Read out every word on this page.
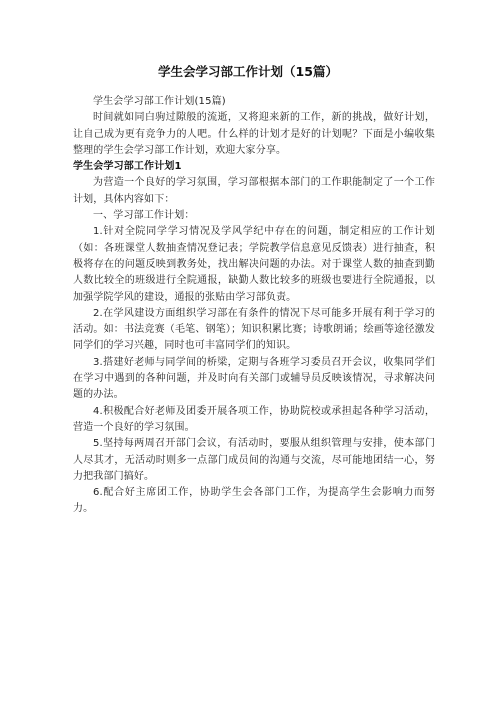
学生会学习部工作计划（15篇）

学生会学习部工作计划(15篇)

时间就如同白驹过隙般的流逝，又将迎来新的工作，新的挑战，做好计划，让自己成为更有竞争力的人吧。什么样的计划才是好的计划呢？下面是小编收集整理的学生会学习部工作计划，欢迎大家分享。

学生会学习部工作计划1

为营造一个良好的学习氛围，学习部根据本部门的工作职能制定了一个工作计划，具体内容如下：

一、学习部工作计划：

1.针对全院同学学习情况及学风学纪中存在的问题，制定相应的工作计划（如：各班课堂人数抽查情况登记表；学院教学信息意见反馈表）进行抽查，积极将存在的问题反映到教务处，找出解决问题的办法。对于课堂人数的抽查到勤人数比较全的班级进行全院通报，缺勤人数比较多的班级也要进行全院通报，以加强学院学风的建设，通报的张贴由学习部负责。

2.在学风建设方面组织学习部在有条件的情况下尽可能多开展有利于学习的活动。如：书法竞赛（毛笔、钢笔）；知识积累比赛；诗歌朗诵；绘画等途径激发同学们的学习兴趣，同时也可丰富同学们的知识。

3.搭建好老师与同学间的桥梁，定期与各班学习委员召开会议，收集同学们在学习中遇到的各种问题，并及时向有关部门或辅导员反映该情况，寻求解决问题的办法。

4.积极配合好老师及团委开展各项工作，协助院校或承担起各种学习活动，营造一个良好的学习氛围。

5.坚持每两周召开部门会议，有活动时，要服从组织管理与安排，使本部门人尽其才，无活动时则多一点部门成员间的沟通与交流，尽可能地团结一心，努力把我部门搞好。

6.配合好主席团工作，协助学生会各部门工作，为提高学生会影响力而努力。
